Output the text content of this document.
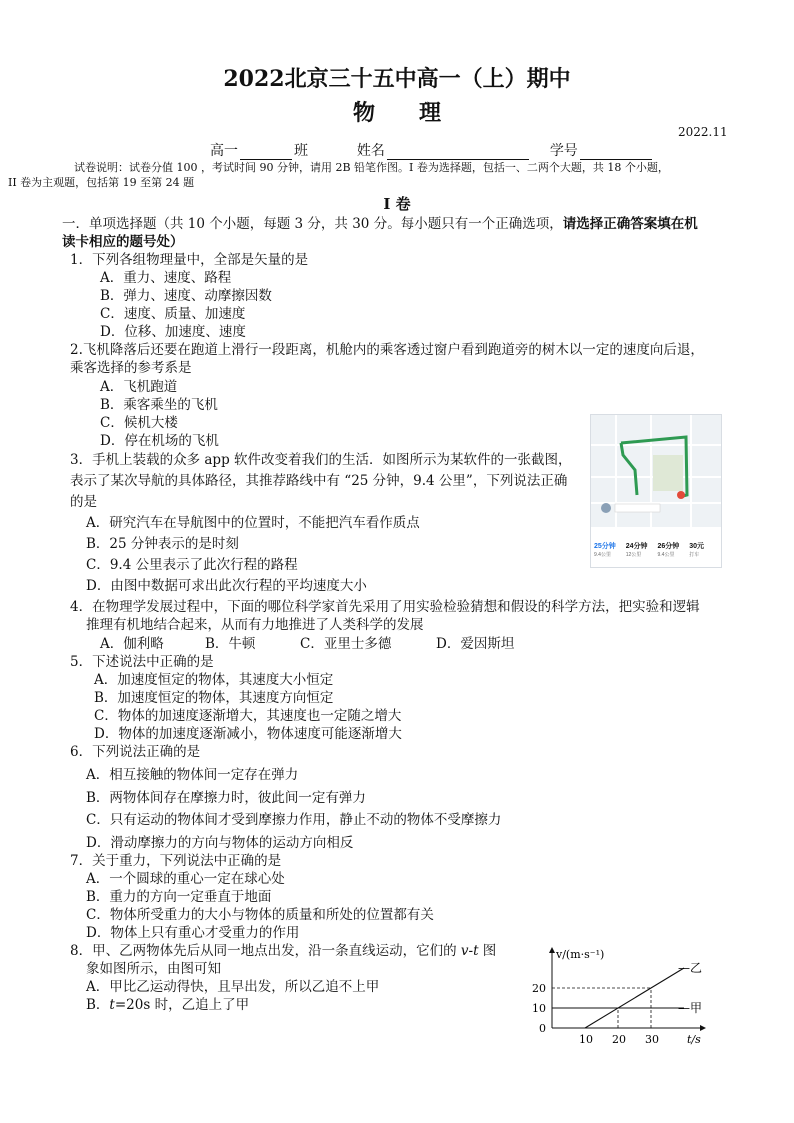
2022北京三十五中高一（上）期中
物理
2022.11
高一	班	姓名	学号
试卷说明：试卷分值 100 ，考试时间 90 分钟，请用 2B 铅笔作图。I 卷为选择题，包括一、二两个大题，共 18 个小题，
II 卷为主观题，包括第 19 至第 24 题
I 卷
一．单项选择题（共 10 个小题，每题 3 分，共 30 分。每小题只有一个正确选项，请选择正确答案填在机
读卡相应的题号处）
1．下列各组物理量中，全部是矢量的是
A．重力、速度、路程
B．弹力、速度、动摩擦因数
C．速度、质量、加速度
D．位移、加速度、速度
2.飞机降落后还要在跑道上滑行一段距离，机舱内的乘客透过窗户看到跑道旁的树木以一定的速度向后退，
乘客选择的参考系是
A．飞机跑道
B．乘客乘坐的飞机
C．候机大楼
D．停在机场的飞机
3．手机上装载的众多 app 软件改变着我们的生活．如图所示为某软件的一张截图，
表示了某次导航的具体路径，其推荐路线中有 “25 分钟，9.4 公里”，下列说法正确
的是
A．研究汽车在导航图中的位置时，不能把汽车看作质点
B．25 分钟表示的是时刻
C．9.4 公里表示了此次行程的路程
D．由图中数据可求出此次行程的平均速度大小
25分钟
9.4公里
24分钟
12公里
26分钟
9.4公里
30元
打车
4．在物理学发展过程中，下面的哪位科学家首先采用了用实验检验猜想和假设的科学方法，把实验和逻辑
推理有机地结合起来，从而有力地推进了人类科学的发展
A．伽利略	B．牛顿	C．亚里士多德	D．爱因斯坦
5．下述说法中正确的是
A．加速度恒定的物体，其速度大小恒定
B．加速度恒定的物体，其速度方向恒定
C．物体的加速度逐渐增大，其速度也一定随之增大
D．物体的加速度逐渐减小，物体速度可能逐渐增大
6．下列说法正确的是
A．相互接触的物体间一定存在弹力
B．两物体间存在摩擦力时，彼此间一定有弹力
C．只有运动的物体间才受到摩擦力作用，静止不动的物体不受摩擦力
D．滑动摩擦力的方向与物体的运动方向相反
7．关于重力，下列说法中正确的是
A．一个圆球的重心一定在球心处
B．重力的方向一定垂直于地面
C．物体所受重力的大小与物体的质量和所处的位置都有关
D．物体上只有重心才受重力的作用
8．甲、乙两物体先后从同一地点出发，沿一条直线运动，它们的 v-t 图
象如图所示，由图可知
A．甲比乙运动得快，且早出发，所以乙追不上甲
B．t=20s 时，乙追上了甲	—甲
—乙
10 20 30
0
10
20
v/(m·s⁻¹)
t/s
